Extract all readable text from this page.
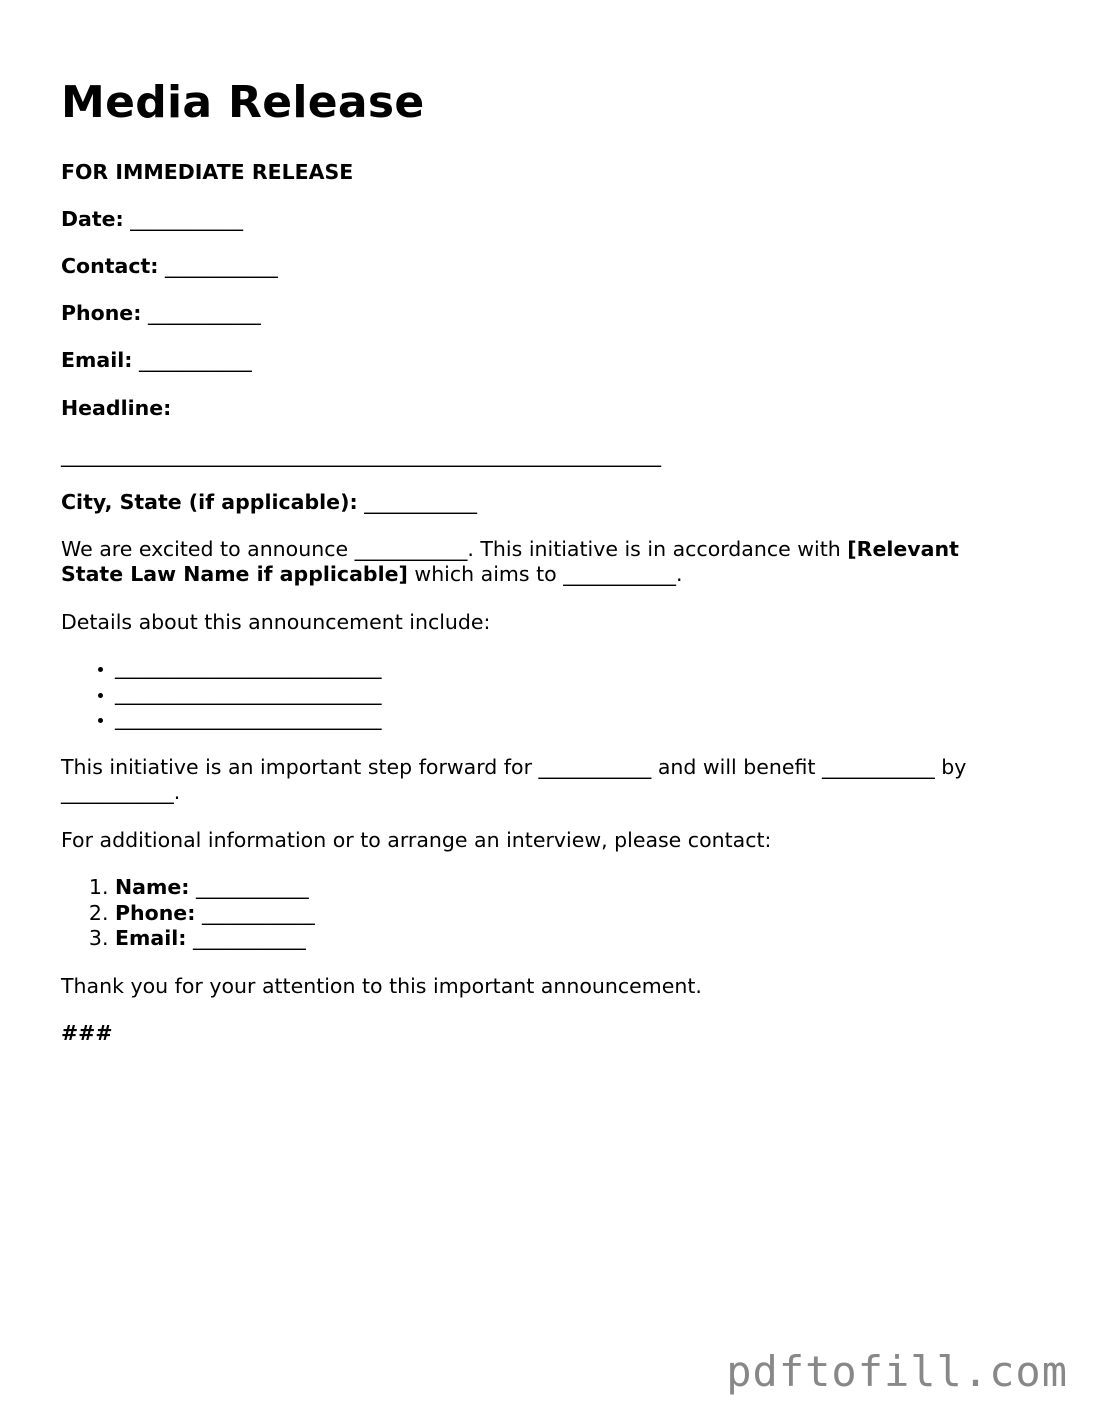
Media Release
FOR IMMEDIATE RELEASE
Date: ___________
Contact: ___________
Phone: ___________
Email: ___________
Headline:
____________________________________________________________
City, State (if applicable): ___________
We are excited to announce ___________. This initiative is in accordance with [Relevant State Law Name if applicable] which aims to ___________.
Details about this announcement include:
• __________________________
• __________________________
• __________________________
This initiative is an important step forward for ___________ and will benefit ___________ by ___________.
For additional information or to arrange an interview, please contact:
1. Name: ___________
2. Phone: ___________
3. Email: ___________
Thank you for your attention to this important announcement.
###
pdftofill.com
